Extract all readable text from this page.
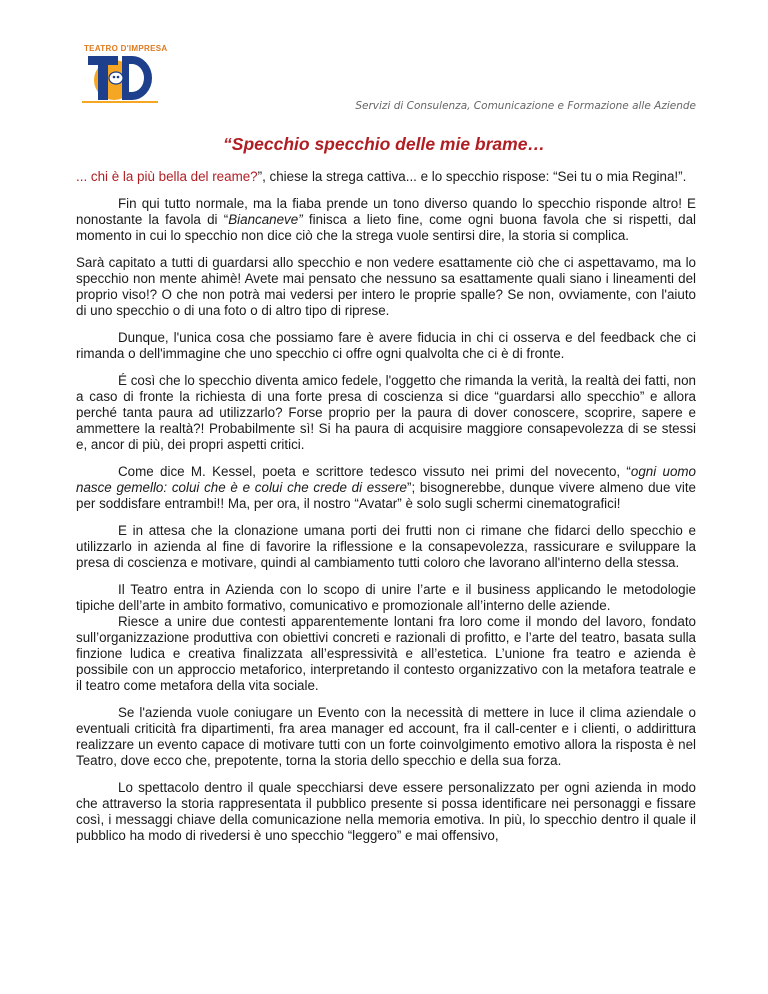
TEATRO D'IMPRESA
Servizi di Consulenza, Comunicazione e Formazione alle Aziende
“Specchio specchio delle mie brame…

... chi è la più bella del reame?”, chiese la strega cattiva... e lo specchio rispose: “Sei tu o mia Regina!”.

Fin qui tutto normale, ma la fiaba prende un tono diverso quando lo specchio risponde altro! E nonostante la favola di “Biancaneve” finisca a lieto fine, come ogni buona favola che si rispetti, dal momento in cui lo specchio non dice ciò che la strega vuole sentirsi dire, la storia si complica.

Sarà capitato a tutti di guardarsi allo specchio e non vedere esattamente ciò che ci aspettavamo, ma lo specchio non mente ahimè! Avete mai pensato che nessuno sa esattamente quali siano i lineamenti del proprio viso!? O che non potrà mai vedersi per intero le proprie spalle? Se non, ovviamente, con l'aiuto di uno specchio o di una foto o di altro tipo di riprese.

Dunque, l'unica cosa che possiamo fare è avere fiducia in chi ci osserva e del feedback che ci rimanda o dell'immagine che uno specchio ci offre ogni qualvolta che ci è di fronte.

É così che lo specchio diventa amico fedele, l'oggetto che rimanda la verità, la realtà dei fatti, non a caso di fronte la richiesta di una forte presa di coscienza si dice “guardarsi allo specchio” e allora perché tanta paura ad utilizzarlo? Forse proprio per la paura di dover conoscere, scoprire, sapere e ammettere la realtà?! Probabilmente sì! Si ha paura di acquisire maggiore consapevolezza di se stessi e, ancor di più, dei propri aspetti critici.

Come dice M. Kessel, poeta e scrittore tedesco vissuto nei primi del novecento, “ogni uomo nasce gemello: colui che è e colui che crede di essere”; bisognerebbe, dunque vivere almeno due vite per soddisfare entrambi!! Ma, per ora, il nostro “Avatar” è solo sugli schermi cinematografici!

E in attesa che la clonazione umana porti dei frutti non ci rimane che fidarci dello specchio e utilizzarlo in azienda al fine di favorire la riflessione e la consapevolezza, rassicurare e sviluppare la presa di coscienza e motivare, quindi al cambiamento tutti coloro che lavorano all'interno della stessa.

Il Teatro entra in Azienda con lo scopo di unire l’arte e il business applicando le metodologie tipiche dell’arte in ambito formativo, comunicativo e promozionale all’interno delle aziende.

Riesce a unire due contesti apparentemente lontani fra loro come il mondo del lavoro, fondato sull’organizzazione produttiva con obiettivi concreti e razionali di profitto, e l’arte del teatro, basata sulla finzione ludica e creativa finalizzata all’espressività e all’estetica. L’unione fra teatro e azienda è possibile con un approccio metaforico, interpretando il contesto organizzativo con la metafora teatrale e il teatro come metafora della vita sociale.

Se l'azienda vuole coniugare un Evento con la necessità di mettere in luce il clima aziendale o eventuali criticità fra dipartimenti, fra area manager ed account, fra il call-center e i clienti, o addirittura realizzare un evento capace di motivare tutti con un forte coinvolgimento emotivo allora la risposta è nel Teatro, dove ecco che, prepotente, torna la storia dello specchio e della sua forza.

Lo spettacolo dentro il quale specchiarsi deve essere personalizzato per ogni azienda in modo che attraverso la storia rappresentata il pubblico presente si possa identificare nei personaggi e fissare così, i messaggi chiave della comunicazione nella memoria emotiva. In più, lo specchio dentro il quale il pubblico ha modo di rivedersi è uno specchio “leggero” e mai offensivo,
